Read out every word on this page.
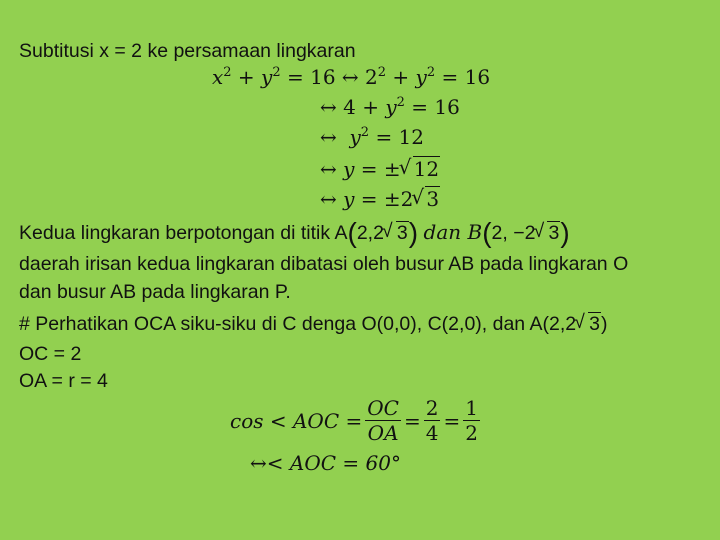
Subtitusi x = 2 ke persamaan lingkaran
$x^2 + y^2 = 16$ ↔ $2^2 + y^2 = 16$
↔ $4 + y^2 = 16$
↔ $y^2 = 12$
↔ y = ± √ 12
↔ y = ±2 √ 3
Kedua lingkaran berpotongan di titik A(2,2 √ 3) dan B(2, −2 √ 3)
daerah irisan kedua lingkaran dibatasi oleh busur AB pada lingkaran O
dan busur AB pada lingkaran P.
# Perhatikan OCA siku-siku di C denga O(0,0), C(2,0), dan A(2,2 √ 3)
OC = 2
OA = r = 4
cos < AOC = $\frac{OC}{OA} = \frac{2}{4} = \frac{1}{2}$
↔< AOC = 60°
